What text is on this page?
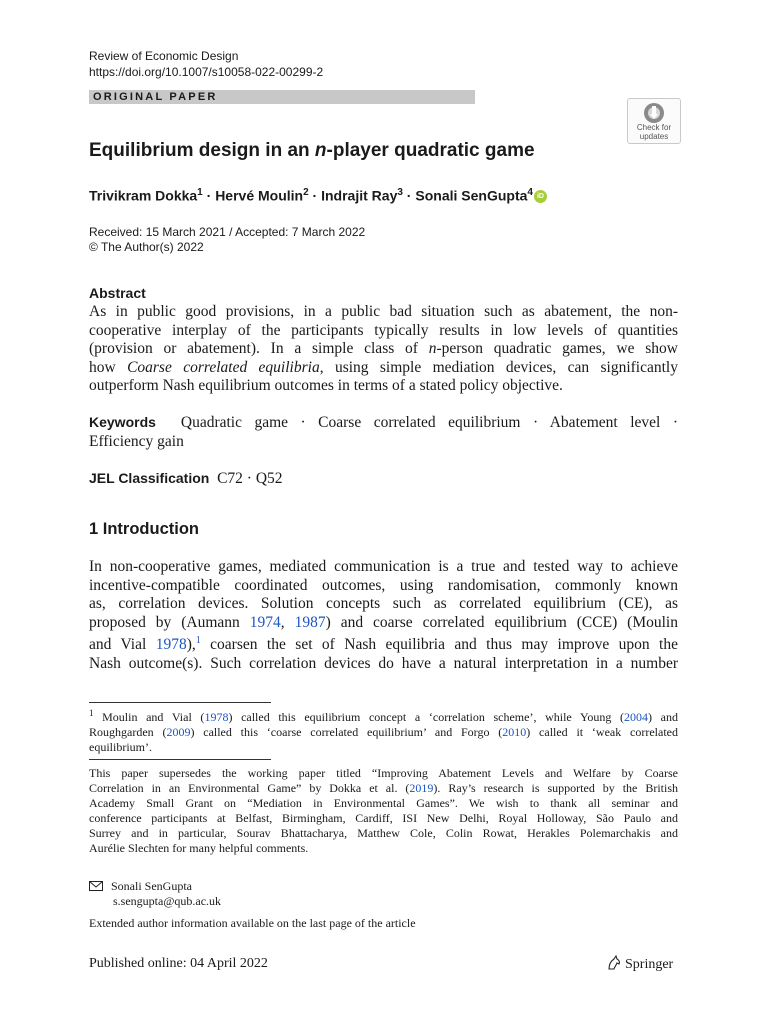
Review of Economic Design
https://doi.org/10.1007/s10058-022-00299-2
ORIGINAL PAPER
Check for
updates
Equilibrium design in an n-player quadratic game
Trivikram Dokka$^1$ · Hervé Moulin$^2$ · Indrajit Ray$^3$ · Sonali SenGupta$^4$ iD
Received: 15 March 2021 / Accepted: 7 March 2022
© The Author(s) 2022
Abstract
As in public good provisions, in a public bad situation such as abatement, the non-
cooperative interplay of the participants typically results in low levels of quantities
(provision or abatement). In a simple class of n-person quadratic games, we show
how Coarse correlated equilibria, using simple mediation devices, can significantly
outperform Nash equilibrium outcomes in terms of a stated policy objective.
Keywords Quadratic game · Coarse correlated equilibrium · Abatement level ·
Efficiency gain
JEL Classification C72 · Q52
1 Introduction
In non-cooperative games, mediated communication is a true and tested way to achieve
incentive-compatible coordinated outcomes, using randomisation, commonly known
as, correlation devices. Solution concepts such as correlated equilibrium (CE), as
proposed by (Aumann 1974, 1987) and coarse correlated equilibrium (CCE) (Moulin
and Vial 1978),$^1$ coarsen the set of Nash equilibria and thus may improve upon the
Nash outcome(s). Such correlation devices do have a natural interpretation in a number
$^1$ Moulin and Vial (1978) called this equilibrium concept a ‘correlation scheme’, while Young (2004) and
Roughgarden (2009) called this ‘coarse correlated equilibrium’ and Forgo (2010) called it ‘weak correlated
equilibrium’.
This paper supersedes the working paper titled “Improving Abatement Levels and Welfare by Coarse
Correlation in an Environmental Game” by Dokka et al. (2019). Ray’s research is supported by the British
Academy Small Grant on “Mediation in Environmental Games”. We wish to thank all seminar and
conference participants at Belfast, Birmingham, Cardiff, ISI New Delhi, Royal Holloway, São Paulo and
Surrey and in particular, Sourav Bhattacharya, Matthew Cole, Colin Rowat, Herakles Polemarchakis and
Aurélie Slechten for many helpful comments.
Sonali SenGupta
s.sengupta@qub.ac.uk
Extended author information available on the last page of the article
Published online: 04 April 2022	Springer
